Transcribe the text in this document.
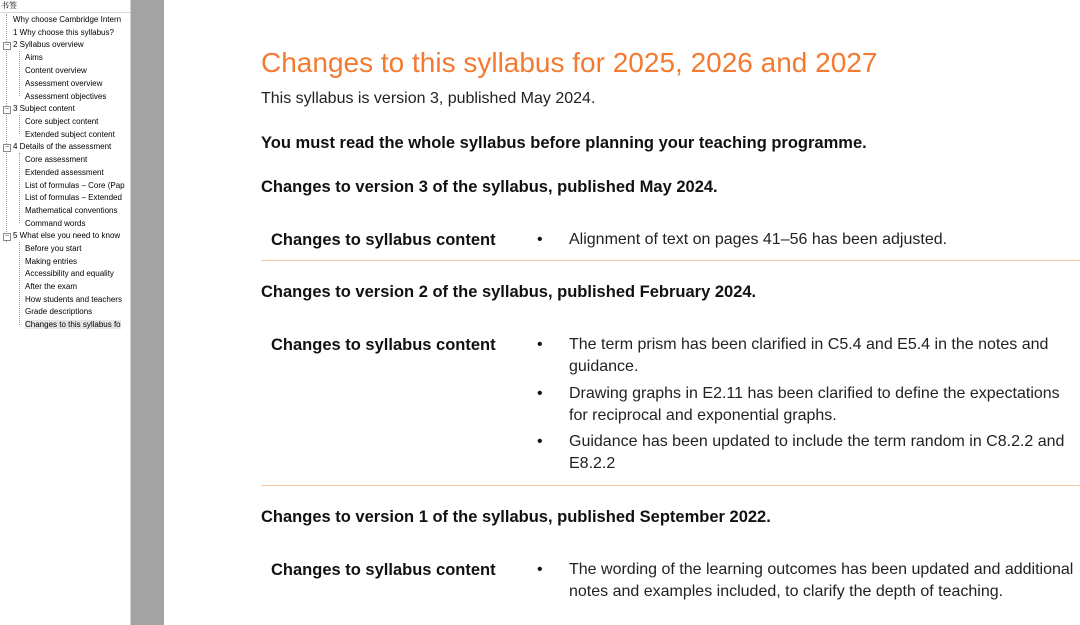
书签
Why choose Cambridge Intern
1 Why choose this syllabus?
− 2 Syllabus overview
Aims
Content overview
Assessment overview
Assessment objectives
− 3 Subject content
Core subject content
Extended subject content
− 4 Details of the assessment
Core assessment
Extended assessment
List of formulas – Core (Pap
List of formulas – Extended
Mathematical conventions
Command words
− 5 What else you need to know
Before you start
Making entries
Accessibility and equality
After the exam
How students and teachers
Grade descriptions
Changes to this syllabus fo
Changes to this syllabus for 2025, 2026 and 2027
This syllabus is version 3, published May 2024.
You must read the whole syllabus before planning your teaching programme.
Changes to version 3 of the syllabus, published May 2024.
Changes to syllabus content	• Alignment of text on pages 41–56 has been adjusted.
Changes to version 2 of the syllabus, published February 2024.
Changes to syllabus content	• The term prism has been clarified in C5.4 and E5.4 in the notes and guidance.
• Drawing graphs in E2.11 has been clarified to define the expectations for reciprocal and exponential graphs.
• Guidance has been updated to include the term random in C8.2.2 and E8.2.2
Changes to version 1 of the syllabus, published September 2022.
Changes to syllabus content	• The wording of the learning outcomes has been updated and additional notes and examples included, to clarify the depth of teaching.
